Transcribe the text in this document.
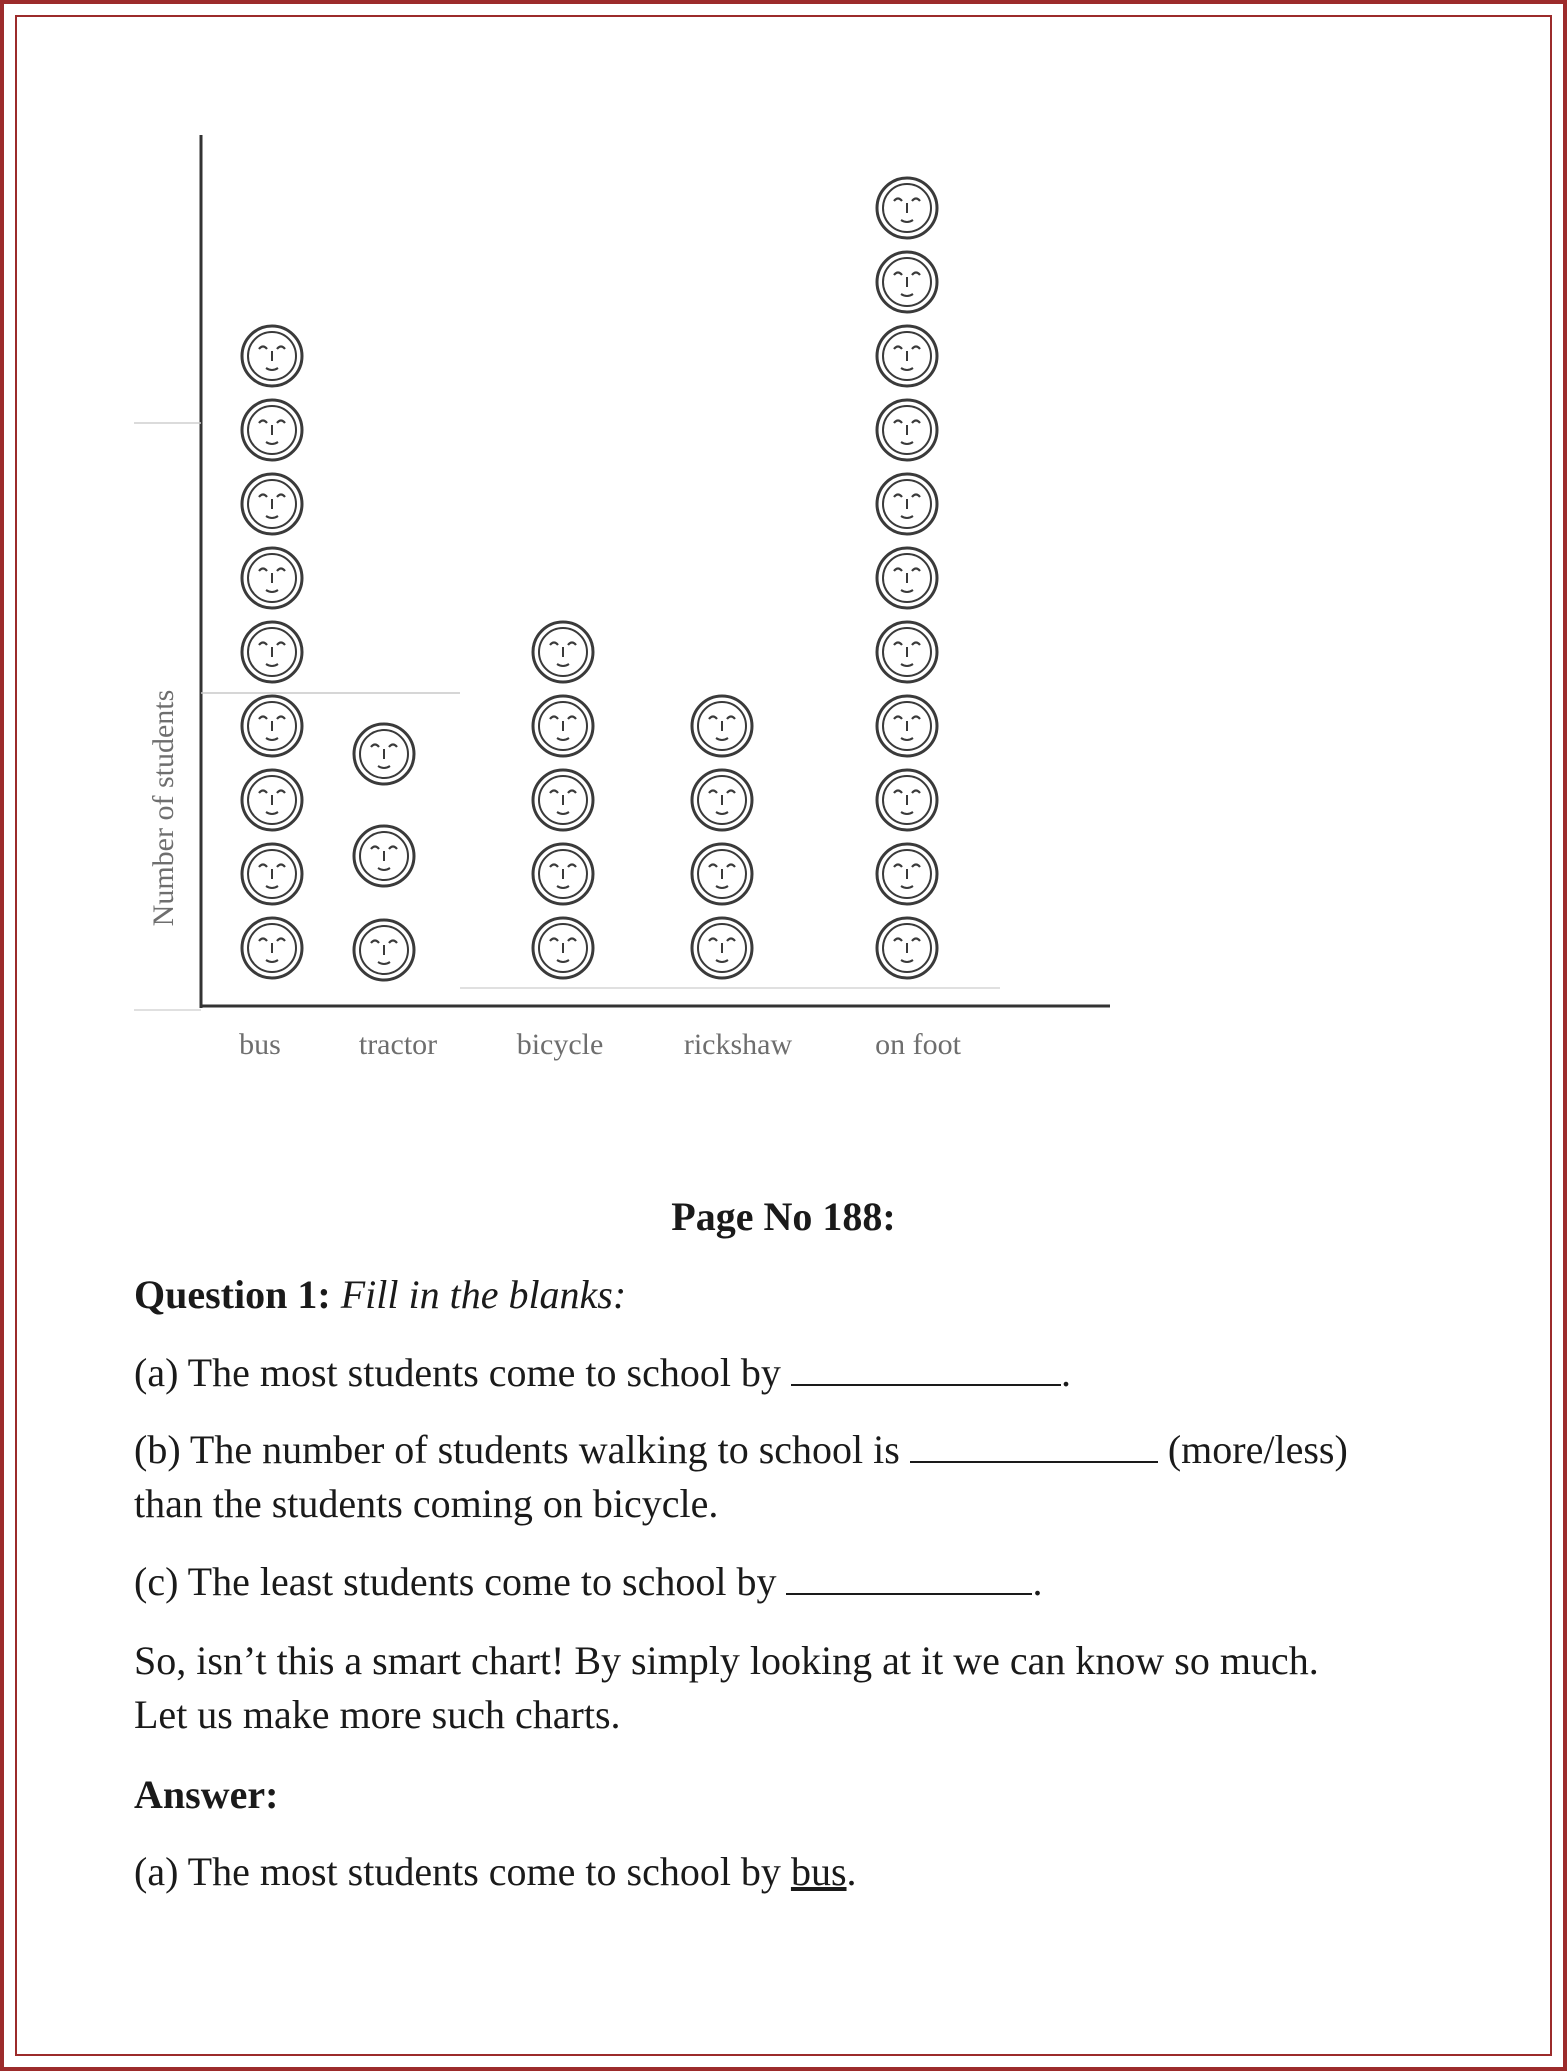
Number of students
bus	tractor	bicycle	rickshaw	on foot
Page No 188:
Question 1: Fill in the blanks:
(a) The most students come to school by	.
(b) The number of students walking to school is	(more/less)
than the students coming on bicycle.
(c) The least students come to school by	.
So, isn’t this a smart chart! By simply looking at it we can know so much.
Let us make more such charts.
Answer:
(a) The most students come to school by bus.
